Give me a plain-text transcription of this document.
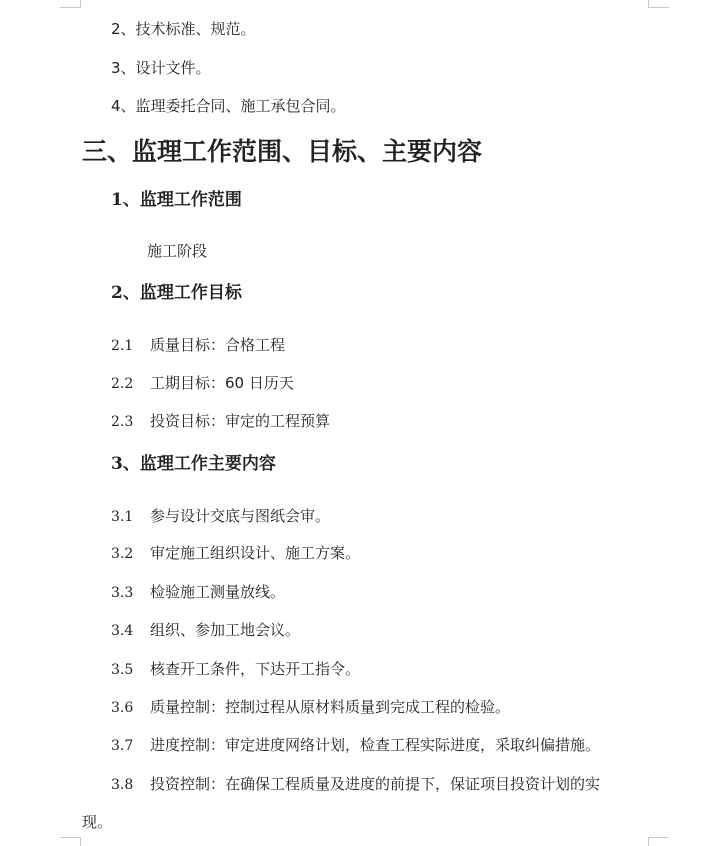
2、技术标准、规范。
3、设计文件。
4、监理委托合同、施工承包合同。
三、监理工作范围、目标、主要内容
1、监理工作范围
施工阶段
2、监理工作目标
2.1 质量目标：合格工程
2.2 工期目标：60 日历天
2.3 投资目标：审定的工程预算
3、监理工作主要内容
3.1 参与设计交底与图纸会审。
3.2 审定施工组织设计、施工方案。
3.3 检验施工测量放线。
3.4 组织、参加工地会议。
3.5 核查开工条件，下达开工指令。
3.6 质量控制：控制过程从原材料质量到完成工程的检验。
3.7 进度控制：审定进度网络计划，检查工程实际进度，采取纠偏措施。
3.8 投资控制：在确保工程质量及进度的前提下，保证项目投资计划的实
现。
